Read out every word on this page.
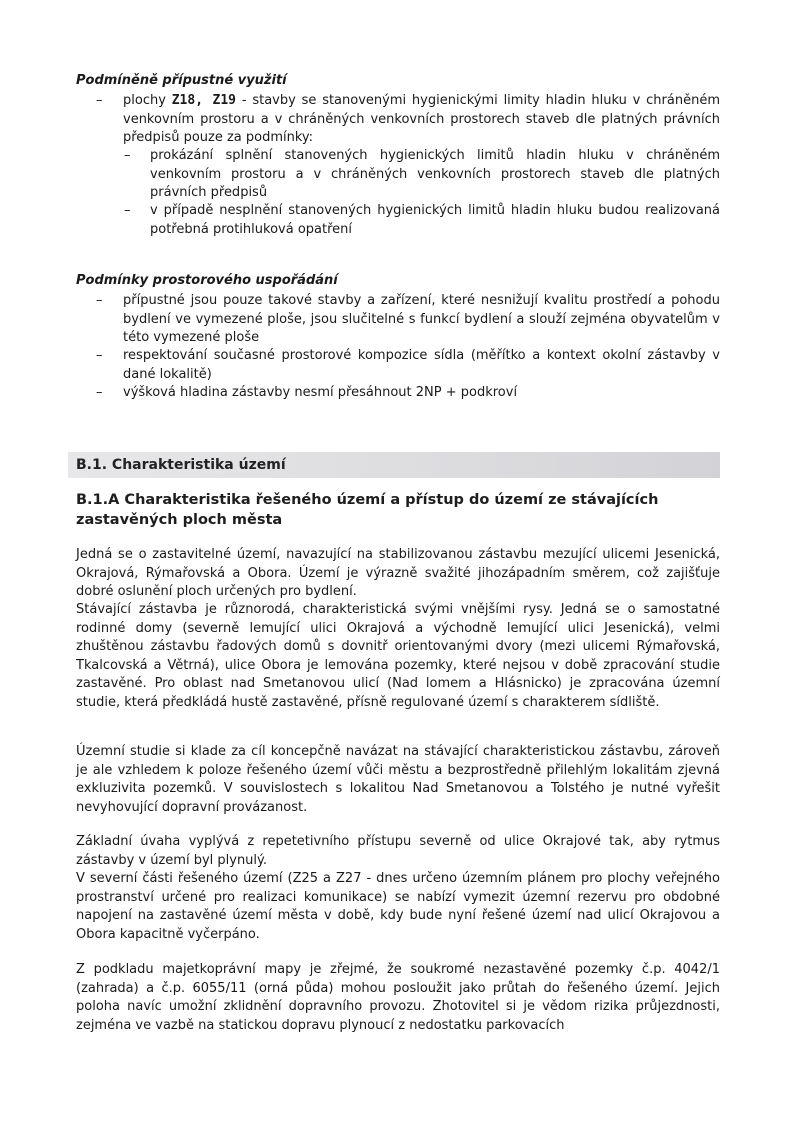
Podmíněně přípustné využití
– plochy Z18, Z19 - stavby se stanovenými hygienickými limity hladin hluku v chráněném venkovním prostoru a v chráněných venkovních prostorech staveb dle platných právních předpisů pouze za podmínky:
– prokázání splnění stanovených hygienických limitů hladin hluku v chráněném venkovním prostoru a v chráněných venkovních prostorech staveb dle platných právních předpisů
– v případě nesplnění stanovených hygienických limitů hladin hluku budou realizovaná potřebná protihluková opatření
Podmínky prostorového uspořádání
– přípustné jsou pouze takové stavby a zařízení, které nesnižují kvalitu prostředí a pohodu bydlení ve vymezené ploše, jsou slučitelné s funkcí bydlení a slouží zejména obyvatelům v této vymezené ploše
– respektování současné prostorové kompozice sídla (měřítko a kontext okolní zástavby v dané lokalitě)
– výšková hladina zástavby nesmí přesáhnout 2NP + podkroví
B.1. Charakteristika území
B.1.A Charakteristika řešeného území a přístup do území ze stávajících zastavěných ploch města
Jedná se o zastavitelné území, navazující na stabilizovanou zástavbu mezující ulicemi Jesenická, Okrajová, Rýmařovská a Obora. Území je výrazně svažité jihozápadním směrem, což zajišťuje dobré oslunění ploch určených pro bydlení.
Stávající zástavba je různorodá, charakteristická svými vnějšími rysy. Jedná se o samostatné rodinné domy (severně lemující ulici Okrajová a východně lemující ulici Jesenická), velmi zhuštěnou zástavbu řadových domů s dovnitř orientovanými dvory (mezi ulicemi Rýmařovská, Tkalcovská a Větrná), ulice Obora je lemována pozemky, které nejsou v době zpracování studie zastavěné. Pro oblast nad Smetanovou ulicí (Nad lomem a Hlásnicko) je zpracována územní studie, která předkládá hustě zastavěné, přísně regulované území s charakterem sídliště.
Územní studie si klade za cíl koncepčně navázat na stávající charakteristickou zástavbu, zároveň je ale vzhledem k poloze řešeného území vůči městu a bezprostředně přilehlým lokalitám zjevná exkluzivita pozemků. V souvislostech s lokalitou Nad Smetanovou a Tolstého je nutné vyřešit nevyhovující dopravní provázanost.
Základní úvaha vyplývá z repetetivního přístupu severně od ulice Okrajové tak, aby rytmus zástavby v území byl plynulý.
V severní části řešeného území (Z25 a Z27 - dnes určeno územním plánem pro plochy veřejného prostranství určené pro realizaci komunikace) se nabízí vymezit územní rezervu pro obdobné napojení na zastavěné území města v době, kdy bude nyní řešené území nad ulicí Okrajovou a Obora kapacitně vyčerpáno.
Z podkladu majetkoprávní mapy je zřejmé, že soukromé nezastavěné pozemky č.p. 4042/1 (zahrada) a č.p. 6055/11 (orná půda) mohou posloužit jako průtah do řešeného území. Jejich poloha navíc umožní zklidnění dopravního provozu. Zhotovitel si je vědom rizika průjezdnosti, zejména ve vazbě na statickou dopravu plynoucí z nedostatku parkovacích
